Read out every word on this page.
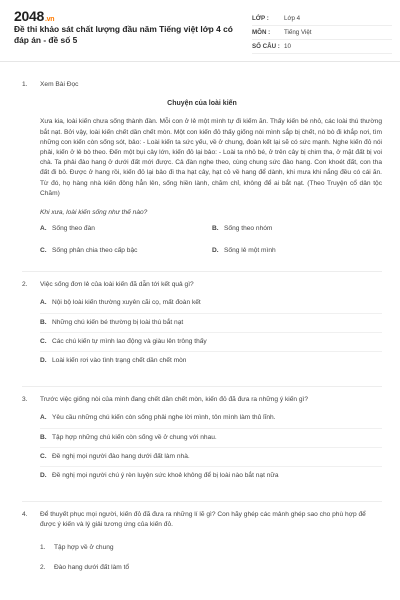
2048.vn
Đề thi khảo sát chất lượng đầu năm Tiếng việt lớp 4 có đáp án - đề số 5
LỚP :	Lớp 4
MÔN :	Tiếng Việt
SỐ CÂU : 10
1.	Xem Bài Đọc
Chuyện của loài kiến
Xưa kia, loài kiến chưa sống thành đàn. Mỗi con ở lẻ một mình tự đi kiếm ăn. Thấy kiến bé nhỏ, các loài thú thường bắt nạt. Bởi vậy, loài kiến chết dần chết mòn. Một con kiến đỏ thấy giống nòi mình sắp bị chết, nó bò đi khắp nơi, tìm những con kiến còn sống sót, bảo: - Loài kiến ta sức yếu, về ở chung, đoàn kết lại sẽ có sức mạnh. Nghe kiến đỏ nói phải, kiến ở lẻ bò theo. Đến một bụi cây lớn, kiến đỏ lại bảo: - Loài ta nhỏ bé, ở trên cây bị chim tha, ở mặt đất bị voi chà. Ta phải đào hang ở dưới đất mới được. Cả đàn nghe theo, cùng chung sức đào hang. Con khoét đất, con tha đất đi bỏ. Được ở hang rồi, kiến đỏ lại bảo đi tha hạt cây, hạt cỏ về hang để dành, khi mưa khi nắng đều có cái ăn. Từ đó, họ hàng nhà kiến đông hẳn lên, sống hiền lành, chăm chỉ, không để ai bắt nạt. (Theo Truyện cổ dân tộc Chăm)
Khi xưa, loài kiến sống như thế nào?
A. Sống theo đàn	B. Sống theo nhóm
C. Sống phân chia theo cấp bậc	D. Sống lẻ một mình
2.	Việc sống đơn lẻ của loài kiến đã dẫn tới kết quả gì?
A. Nội bộ loài kiến thường xuyên cãi cọ, mất đoàn kết
B. Những chú kiến bé thường bị loài thú bắt nạt
C. Các chú kiến tự mình lao động và giàu lên trông thấy
D. Loài kiến rơi vào tình trạng chết dần chết mòn
3.	Trước việc giống nòi của mình đang chết dần chết mòn, kiến đỏ đã đưa ra những ý kiến gì?
A. Yêu cầu những chú kiến còn sống phải nghe lời mình, tôn mình làm thủ lĩnh.
B. Tập hợp những chú kiến còn sống về ở chung với nhau.
C. Đề nghị mọi người đào hang dưới đất làm nhà.
D. Đề nghị mọi người chú ý rèn luyện sức khoẻ không để bị loài nào bắt nạt nữa
4.	Để thuyết phục mọi người, kiến đỏ đã đưa ra những lí lẽ gì? Con hãy ghép các mảnh ghép sao cho phù hợp để được ý kiến và lý giải tương ứng của kiến đỏ.
1.	Tập hợp về ở chung
2.	Đào hang dưới đất làm tổ
